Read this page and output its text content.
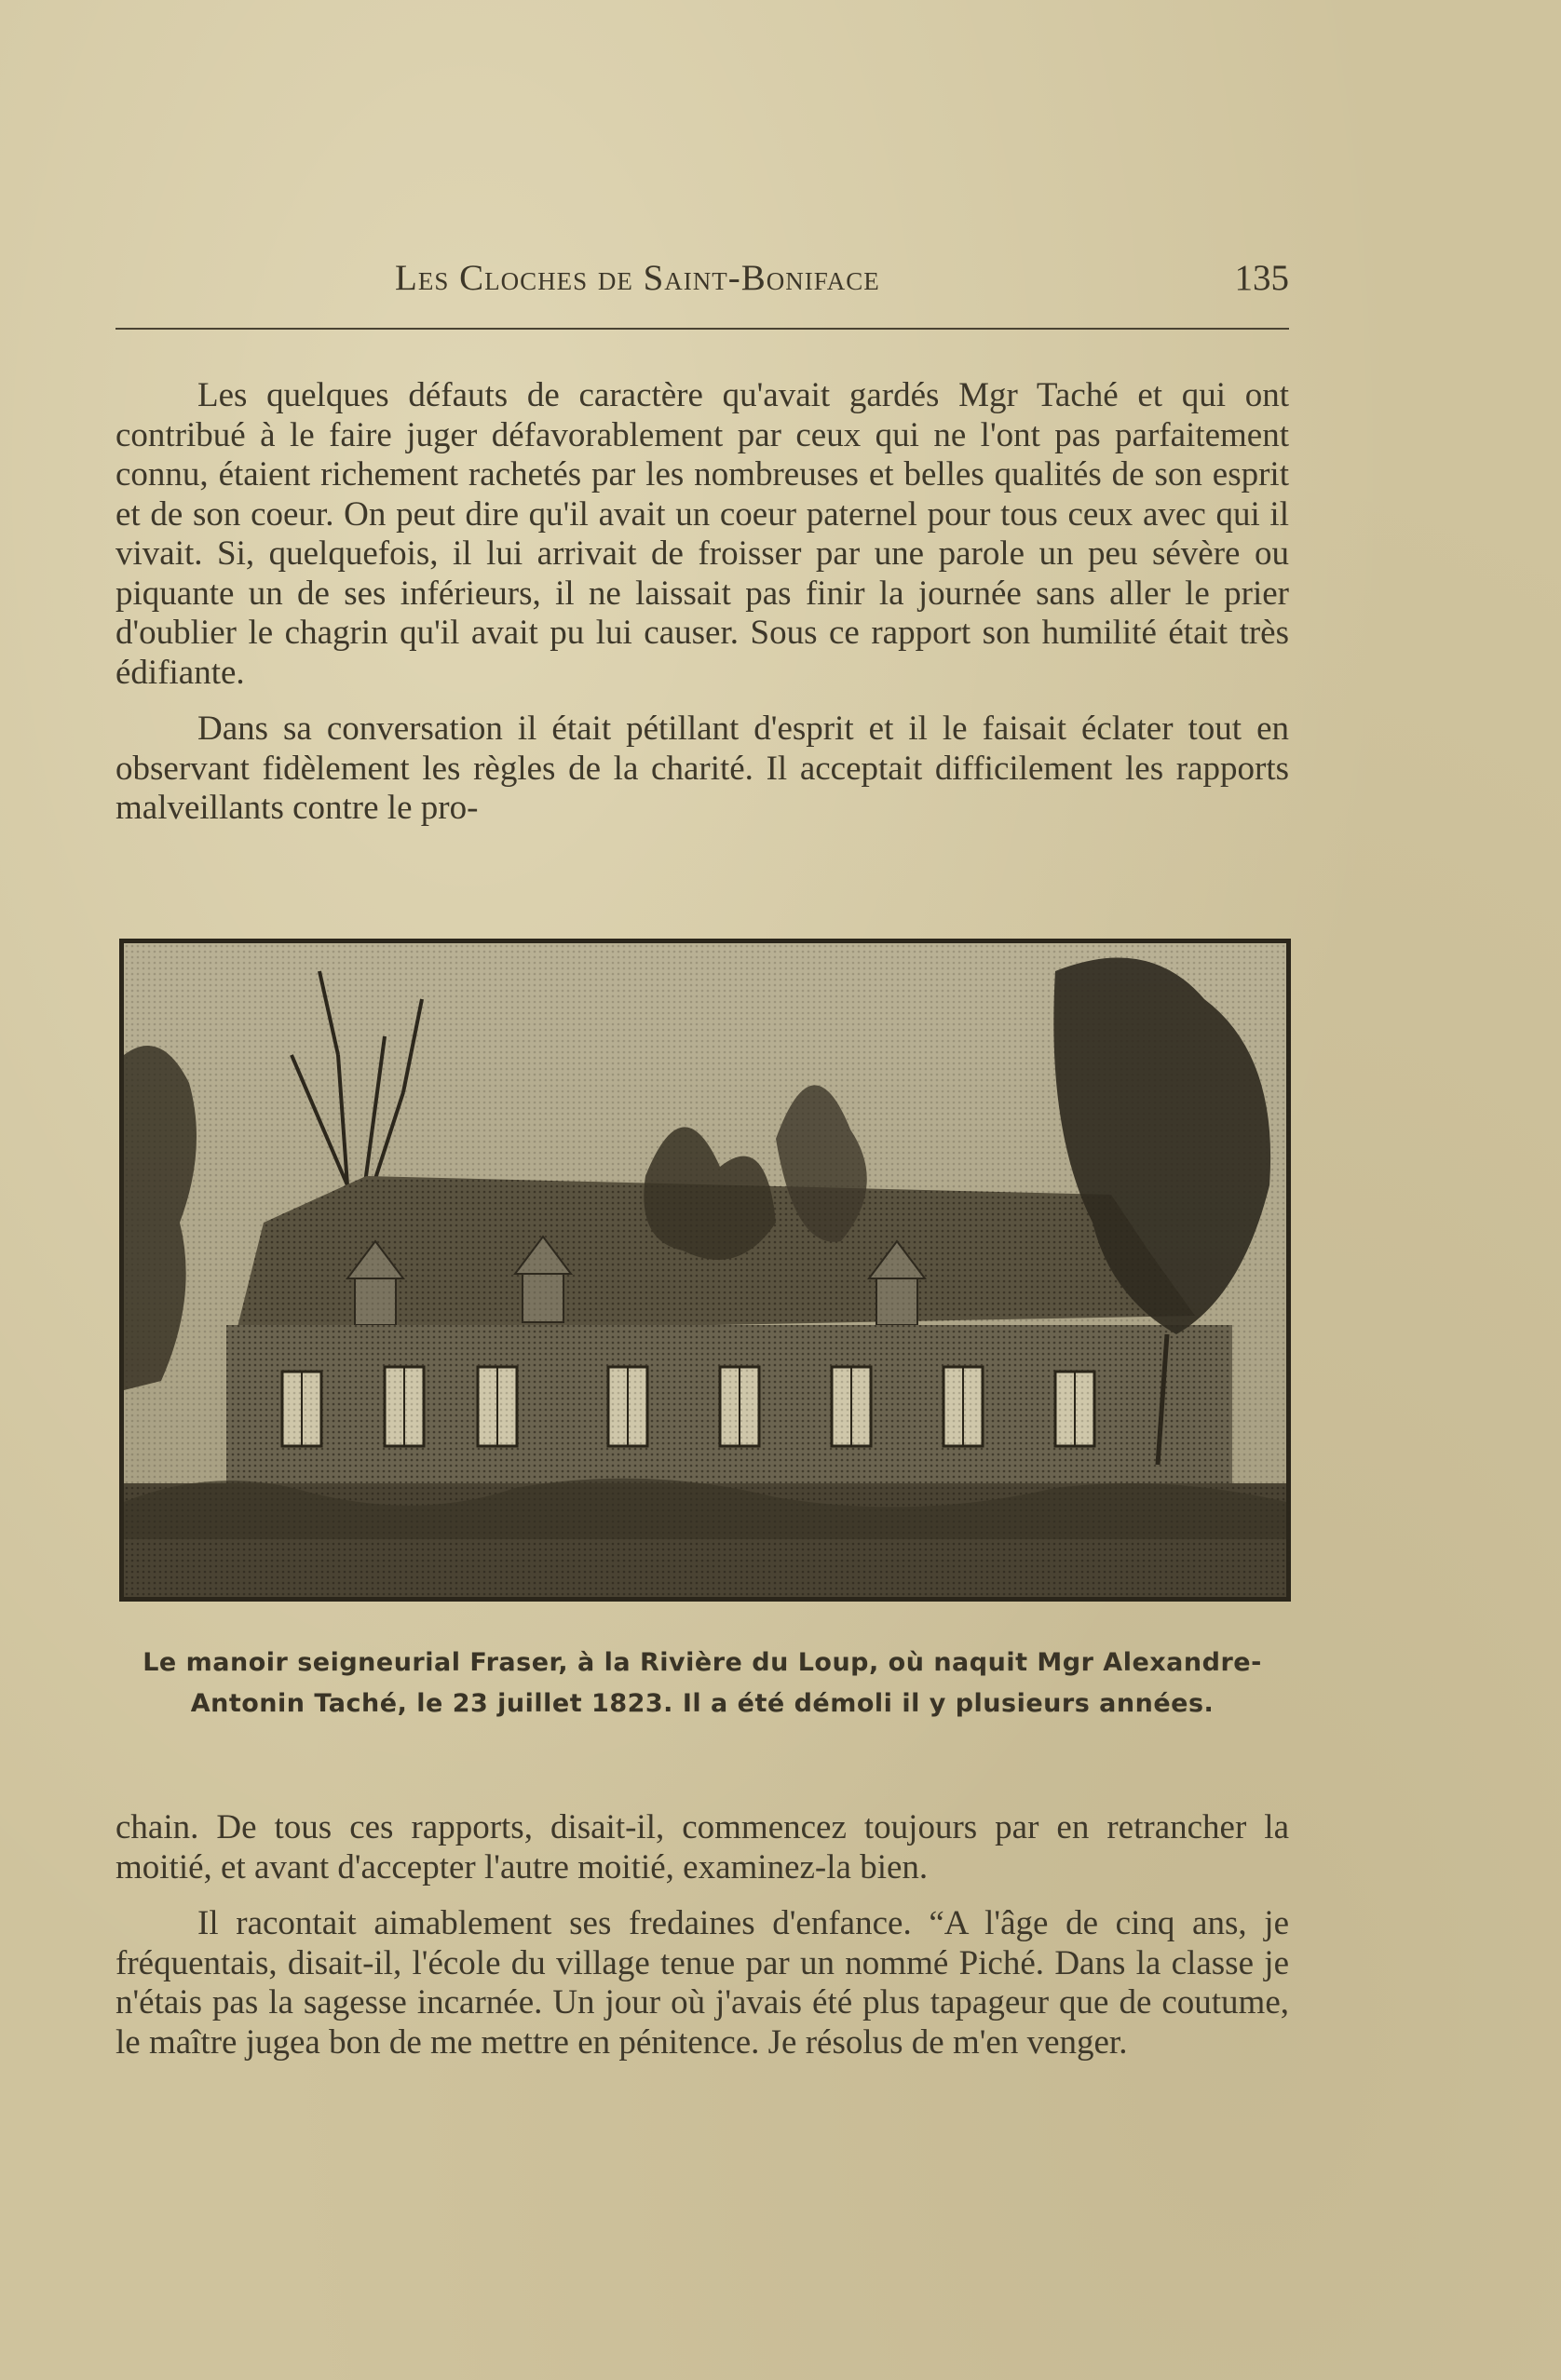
Les Cloches de Saint-Boniface	135

Les quelques défauts de caractère qu'avait gardés Mgr Taché et qui ont contribué à le faire juger défavorablement par ceux qui ne l'ont pas parfaitement connu, étaient richement rachetés par les nombreuses et belles qualités de son esprit et de son coeur. On peut dire qu'il avait un coeur paternel pour tous ceux avec qui il vivait. Si, quelquefois, il lui arrivait de froisser par une parole un peu sévère ou piquante un de ses inférieurs, il ne laissait pas finir la journée sans aller le prier d'oublier le chagrin qu'il avait pu lui causer. Sous ce rapport son humilité était très édifiante.

Dans sa conversation il était pétillant d'esprit et il le faisait éclater tout en observant fidèlement les règles de la charité. Il acceptait difficilement les rapports malveillants contre le pro-

Le manoir seigneurial Fraser, à la Rivière du Loup, où naquit Mgr Alexandre-Antonin Taché, le 23 juillet 1823. Il a été démoli il y plusieurs années.

chain. De tous ces rapports, disait-il, commencez toujours par en retrancher la moitié, et avant d'accepter l'autre moitié, examinez-la bien.

Il racontait aimablement ses fredaines d'enfance. “A l'âge de cinq ans, je fréquentais, disait-il, l'école du village tenue par un nommé Piché. Dans la classe je n'étais pas la sagesse incarnée. Un jour où j'avais été plus tapageur que de coutume, le maître jugea bon de me mettre en pénitence. Je résolus de m'en venger.
